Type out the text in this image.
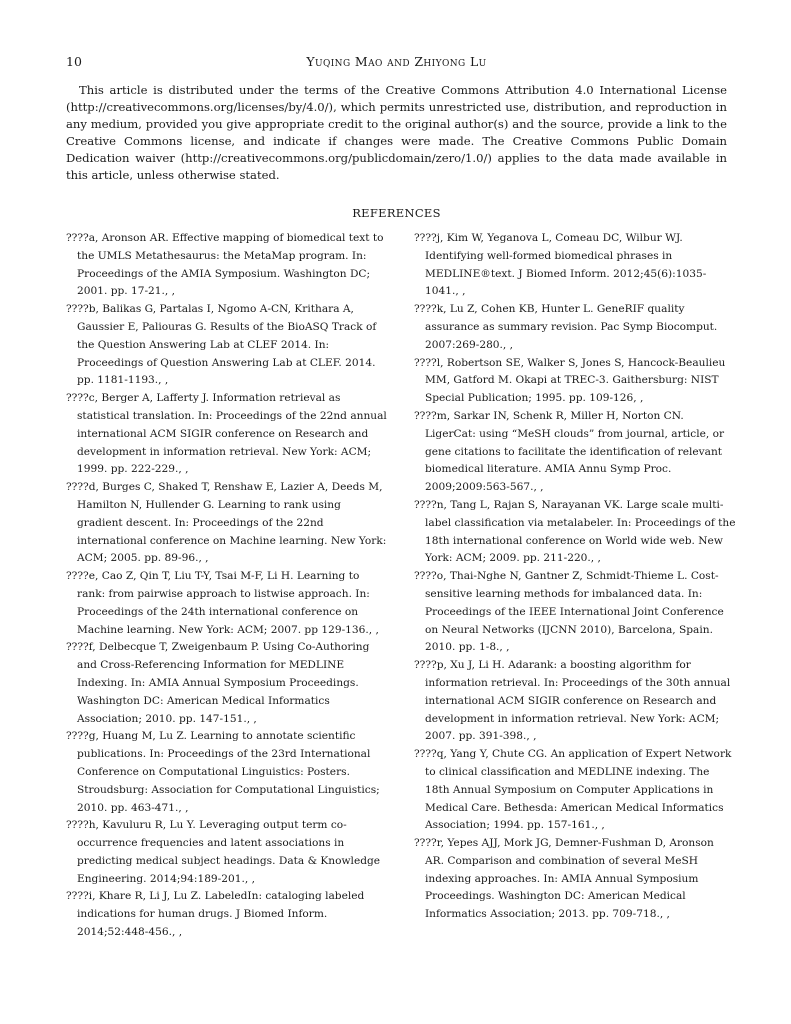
10	Yuqing Mao and Zhiyong Lu

This article is distributed under the terms of the Creative Commons Attribution 4.0 International License (http://creativecommons.org/licenses/by/4.0/), which permits unrestricted use, distribution, and reproduction in any medium, provided you give appropriate credit to the original author(s) and the source, provide a link to the Creative Commons license, and indicate if changes were made. The Creative Commons Public Domain Dedication waiver (http://creativecommons.org/publicdomain/zero/1.0/) applies to the data made available in this article, unless otherwise stated.

REFERENCES

????a, Aronson AR. Effective mapping of biomedical text to the UMLS Metathesaurus: the MetaMap program. In: Proceedings of the AMIA Symposium. Washington DC; 2001. pp. 17-21., ,

????b, Balikas G, Partalas I, Ngomo A-CN, Krithara A, Gaussier E, Paliouras G. Results of the BioASQ Track of the Question Answering Lab at CLEF 2014. In: Proceedings of Question Answering Lab at CLEF. 2014. pp. 1181-1193., ,

????c, Berger A, Lafferty J. Information retrieval as statistical translation. In: Proceedings of the 22nd annual international ACM SIGIR conference on Research and development in information retrieval. New York: ACM; 1999. pp. 222-229., ,

????d, Burges C, Shaked T, Renshaw E, Lazier A, Deeds M, Hamilton N, Hullender G. Learning to rank using gradient descent. In: Proceedings of the 22nd international conference on Machine learning. New York: ACM; 2005. pp. 89-96., ,

????e, Cao Z, Qin T, Liu T-Y, Tsai M-F, Li H. Learning to rank: from pairwise approach to listwise approach. In: Proceedings of the 24th international conference on Machine learning. New York: ACM; 2007. pp 129-136., ,

????f, Delbecque T, Zweigenbaum P. Using Co-Authoring and Cross-Referencing Information for MEDLINE Indexing. In: AMIA Annual Symposium Proceedings. Washington DC: American Medical Informatics Association; 2010. pp. 147-151., ,

????g, Huang M, Lu Z. Learning to annotate scientific publications. In: Proceedings of the 23rd International Conference on Computational Linguistics: Posters. Stroudsburg: Association for Computational Linguistics; 2010. pp. 463-471., ,

????h, Kavuluru R, Lu Y. Leveraging output term co-occurrence frequencies and latent associations in predicting medical subject headings. Data & Knowledge Engineering. 2014;94:189-201., ,

????i, Khare R, Li J, Lu Z. LabeledIn: cataloging labeled indications for human drugs. J Biomed Inform. 2014;52:448-456., ,

????j, Kim W, Yeganova L, Comeau DC, Wilbur WJ. Identifying well-formed biomedical phrases in MEDLINE®text. J Biomed Inform. 2012;45(6):1035-1041., ,

????k, Lu Z, Cohen KB, Hunter L. GeneRIF quality assurance as summary revision. Pac Symp Biocomput. 2007:269-280., ,

????l, Robertson SE, Walker S, Jones S, Hancock-Beaulieu MM, Gatford M. Okapi at TREC-3. Gaithersburg: NIST Special Publication; 1995. pp. 109-126, ,

????m, Sarkar IN, Schenk R, Miller H, Norton CN. LigerCat: using “MeSH clouds” from journal, article, or gene citations to facilitate the identification of relevant biomedical literature. AMIA Annu Symp Proc. 2009;2009:563-567., ,

????n, Tang L, Rajan S, Narayanan VK. Large scale multi-label classification via metalabeler. In: Proceedings of the 18th international conference on World wide web. New York: ACM; 2009. pp. 211-220., ,

????o, Thai-Nghe N, Gantner Z, Schmidt-Thieme L. Cost-sensitive learning methods for imbalanced data. In: Proceedings of the IEEE International Joint Conference on Neural Networks (IJCNN 2010), Barcelona, Spain. 2010. pp. 1-8., ,

????p, Xu J, Li H. Adarank: a boosting algorithm for information retrieval. In: Proceedings of the 30th annual international ACM SIGIR conference on Research and development in information retrieval. New York: ACM; 2007. pp. 391-398., ,

????q, Yang Y, Chute CG. An application of Expert Network to clinical classification and MEDLINE indexing. The 18th Annual Symposium on Computer Applications in Medical Care. Bethesda: American Medical Informatics Association; 1994. pp. 157-161., ,

????r, Yepes AJJ, Mork JG, Demner-Fushman D, Aronson AR. Comparison and combination of several MeSH indexing approaches. In: AMIA Annual Symposium Proceedings. Washington DC: American Medical Informatics Association; 2013. pp. 709-718., ,
